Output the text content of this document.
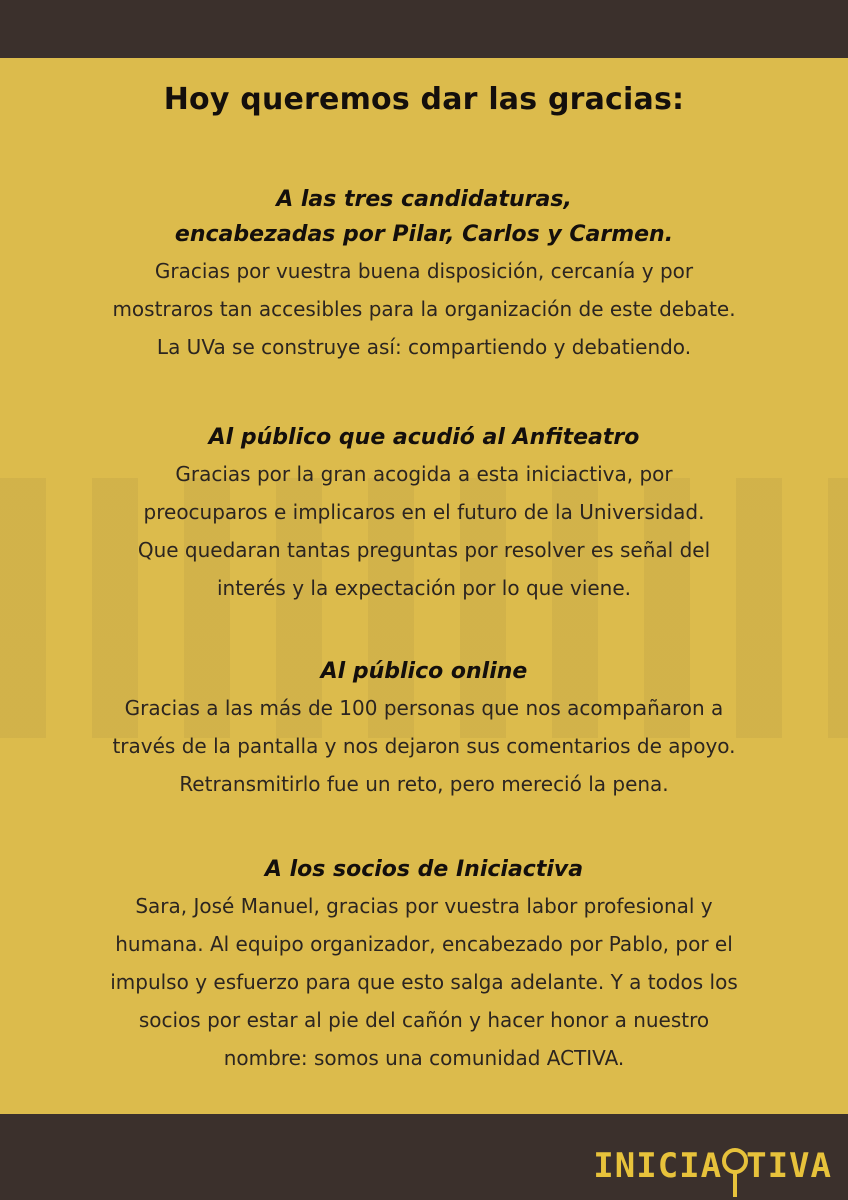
Hoy queremos dar las gracias:

A las tres candidaturas,
encabezadas por Pilar, Carlos y Carmen.

Gracias por vuestra buena disposición, cercanía y por
mostraros tan accesibles para la organización de este debate.
La UVa se construye así: compartiendo y debatiendo.

Al público que acudió al Anfiteatro

Gracias por la gran acogida a esta iniciactiva, por
preocuparos e implicaros en el futuro de la Universidad.
Que quedaran tantas preguntas por resolver es señal del
interés y la expectación por lo que viene.

Al público online

Gracias a las más de 100 personas que nos acompañaron a
través de la pantalla y nos dejaron sus comentarios de apoyo.
Retransmitirlo fue un reto, pero mereció la pena.

A los socios de Iniciactiva

Sara, José Manuel, gracias por vuestra labor profesional y
humana. Al equipo organizador, encabezado por Pablo, por el
impulso y esfuerzo para que esto salga adelante. Y a todos los
socios por estar al pie del cañón y hacer honor a nuestro
nombre: somos una comunidad ACTIVA.

INICIA TIVA
